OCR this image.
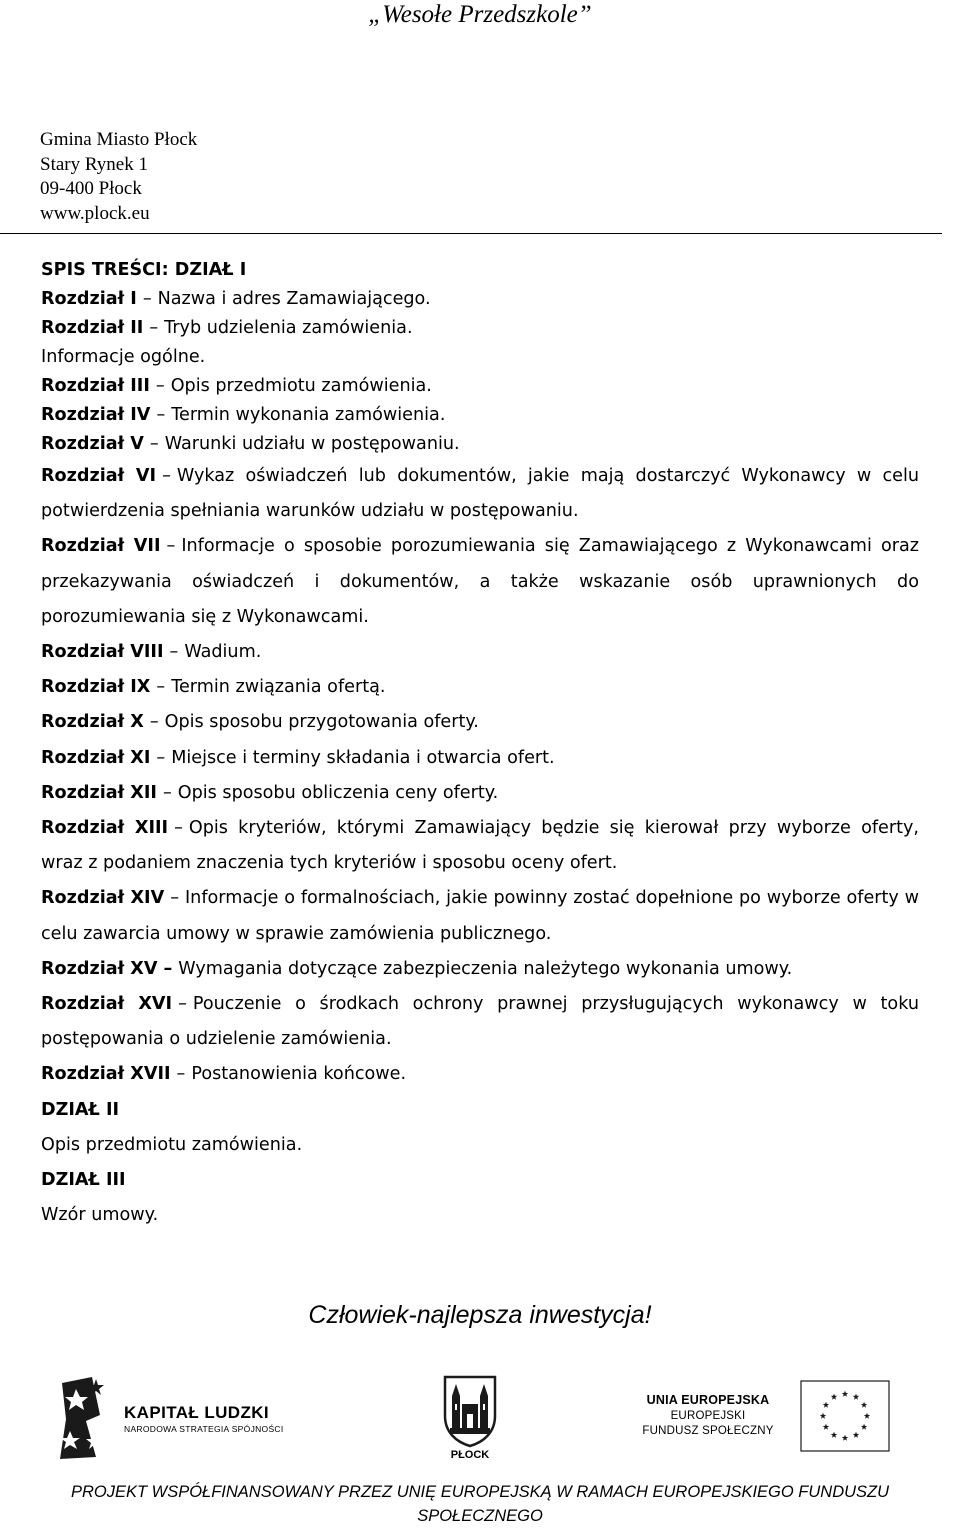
„Wesołe Przedszkole”
Gmina Miasto Płock
Stary Rynek 1
09-400 Płock
www.plock.eu
SPIS TREŚCI: DZIAŁ I
Rozdział I – Nazwa i adres Zamawiającego.
Rozdział II – Tryb udzielenia zamówienia.
Informacje ogólne.
Rozdział III – Opis przedmiotu zamówienia.
Rozdział IV – Termin wykonania zamówienia.
Rozdział V – Warunki udziału w postępowaniu.
Rozdział VI – Wykaz oświadczeń lub dokumentów, jakie mają dostarczyć Wykonawcy w celu potwierdzenia spełniania warunków udziału w postępowaniu.
Rozdział VII – Informacje o sposobie porozumiewania się Zamawiającego z Wykonawcami oraz przekazywania oświadczeń i dokumentów, a także wskazanie osób uprawnionych do porozumiewania się z Wykonawcami.
Rozdział VIII – Wadium.
Rozdział IX – Termin związania ofertą.
Rozdział X – Opis sposobu przygotowania oferty.
Rozdział XI – Miejsce i terminy składania i otwarcia ofert.
Rozdział XII – Opis sposobu obliczenia ceny oferty.
Rozdział XIII – Opis kryteriów, którymi Zamawiający będzie się kierował przy wyborze oferty, wraz z podaniem znaczenia tych kryteriów i sposobu oceny ofert.
Rozdział XIV – Informacje o formalnościach, jakie powinny zostać dopełnione po wyborze oferty w celu zawarcia umowy w sprawie zamówienia publicznego.
Rozdział XV – Wymagania dotyczące zabezpieczenia należytego wykonania umowy.
Rozdział XVI – Pouczenie o środkach ochrony prawnej przysługujących wykonawcy w toku postępowania o udzielenie zamówienia.
Rozdział XVII – Postanowienia końcowe.
DZIAŁ II
Opis przedmiotu zamówienia.
DZIAŁ III
Wzór umowy.
Człowiek-najlepsza inwestycja!
KAPITAŁ LUDZKI
NARODOWA STRATEGIA SPÓJNOŚCI
PŁOCK
UNIA EUROPEJSKA
EUROPEJSKI
FUNDUSZ SPOŁECZNY
PROJEKT WSPÓŁFINANSOWANY PRZEZ UNIĘ EUROPEJSKĄ W RAMACH EUROPEJSKIEGO FUNDUSZU SPOŁECZNEGO
